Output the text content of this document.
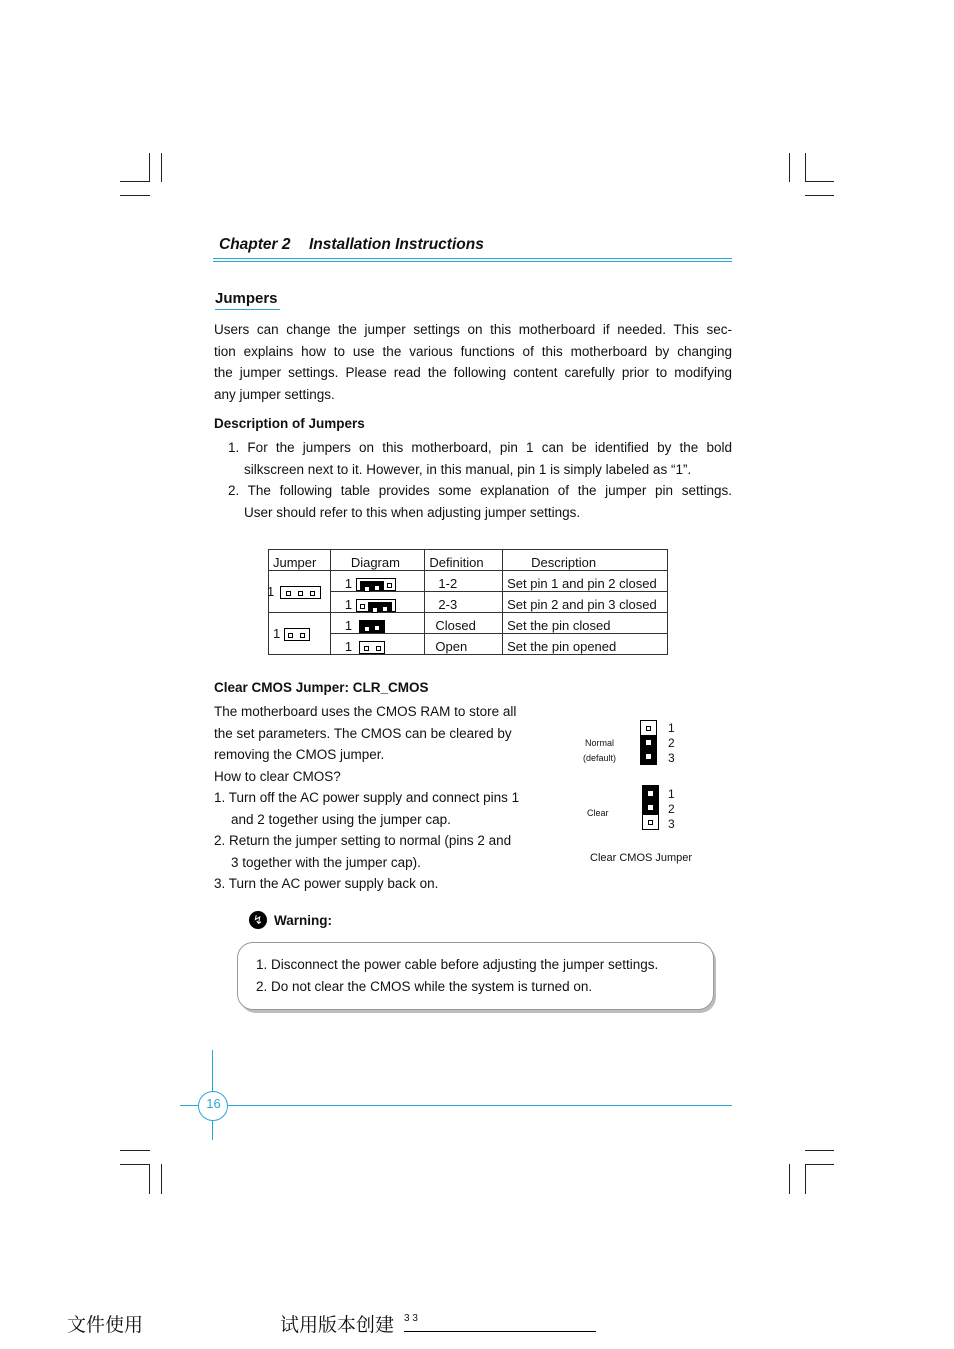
Chapter 2 Installation Instructions
Jumpers
Users can change the jumper settings on this motherboard if needed. This sec-
tion explains how to use the various functions of this motherboard by changing
the jumper settings. Please read the following content carefully prior to modifying
any jumper settings.
Description of Jumpers
1. For the jumpers on this motherboard, pin 1 can be identified by the bold
silkscreen next to it. However, in this manual, pin 1 is simply labeled as “1”.
2. The following table provides some explanation of the jumper pin settings.
User should refer to this when adjusting jumper settings.
Jumper	Diagram	Definition	Description
1	1	1-2	Set pin 1 and pin 2 closed
	1	2-3	Set pin 2 and pin 3 closed
1	1	Closed	Set the pin closed
	1	Open	Set the pin opened
Clear CMOS Jumper: CLR_CMOS
The motherboard uses the CMOS RAM to store all
the set parameters. The CMOS can be cleared by
removing the CMOS jumper.
How to clear CMOS?
1. Turn off the AC power supply and connect pins 1
and 2 together using the jumper cap.
2. Return the jumper setting to normal (pins 2 and
3 together with the jumper cap).
3. Turn the AC power supply back on.
Normal
(default)
1
2
3
Clear
1
2
3
Clear CMOS Jumper
↯ Warning:
1. Disconnect the power cable before adjusting the jumper settings.
2. Do not clear the CMOS while the system is turned on.
16
文件使用	试用版本创建 3 3
